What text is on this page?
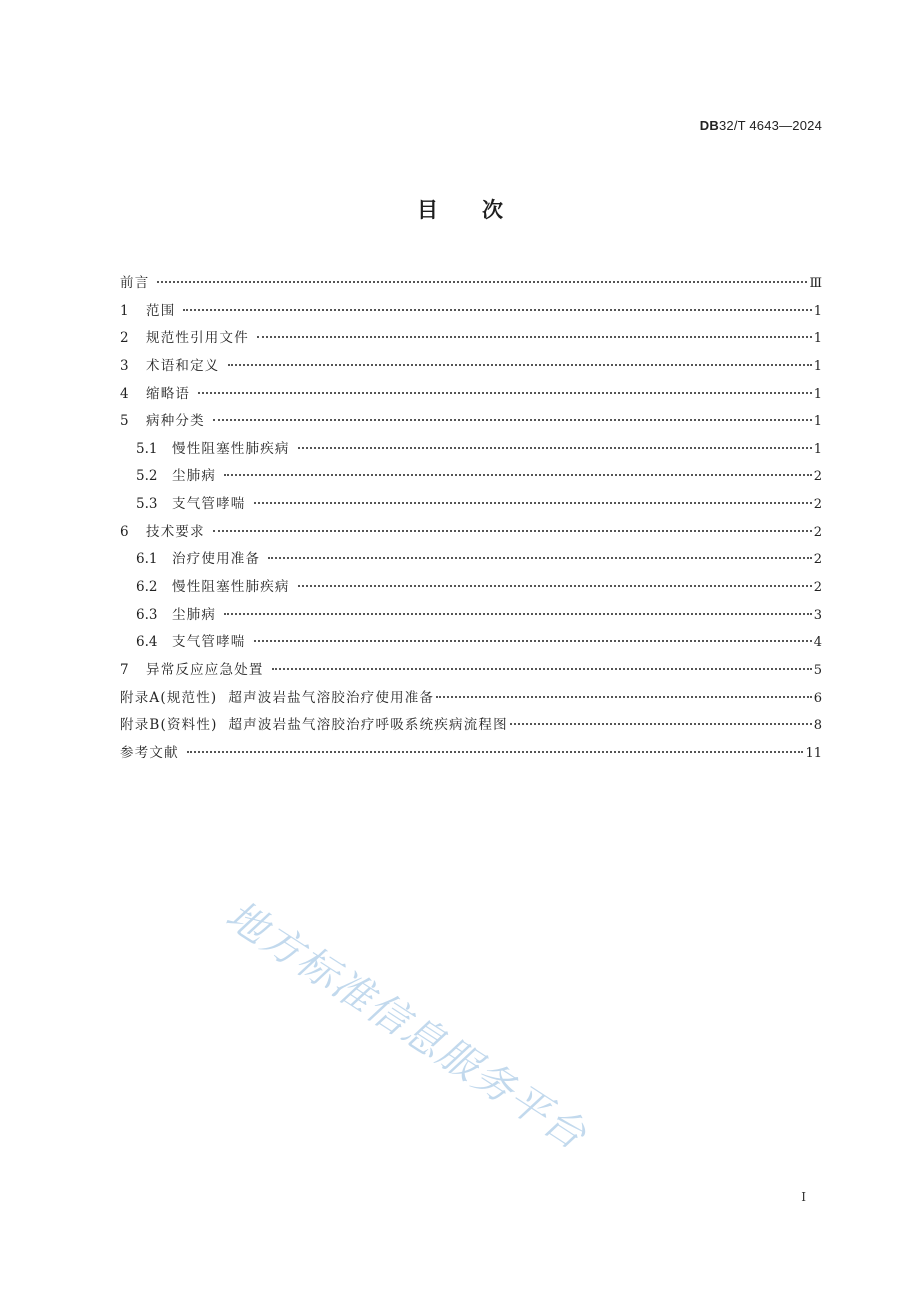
DB32/T 4643—2024
目 次
前言	Ⅲ
1	范围	1
2	规范性引用文件	1
3	术语和定义	1
4	缩略语	1
5	病种分类	1
5.1	慢性阻塞性肺疾病	1
5.2	尘肺病	2
5.3	支气管哮喘	2
6	技术要求	2
6.1	治疗使用准备	2
6.2	慢性阻塞性肺疾病	2
6.3	尘肺病	3
6.4	支气管哮喘	4
7	异常反应应急处置	5
附录A(规范性)  超声波岩盐气溶胶治疗使用准备	6
附录B(资料性)  超声波岩盐气溶胶治疗呼吸系统疾病流程图	8
参考文献	11
地方标准信息服务平台
I
